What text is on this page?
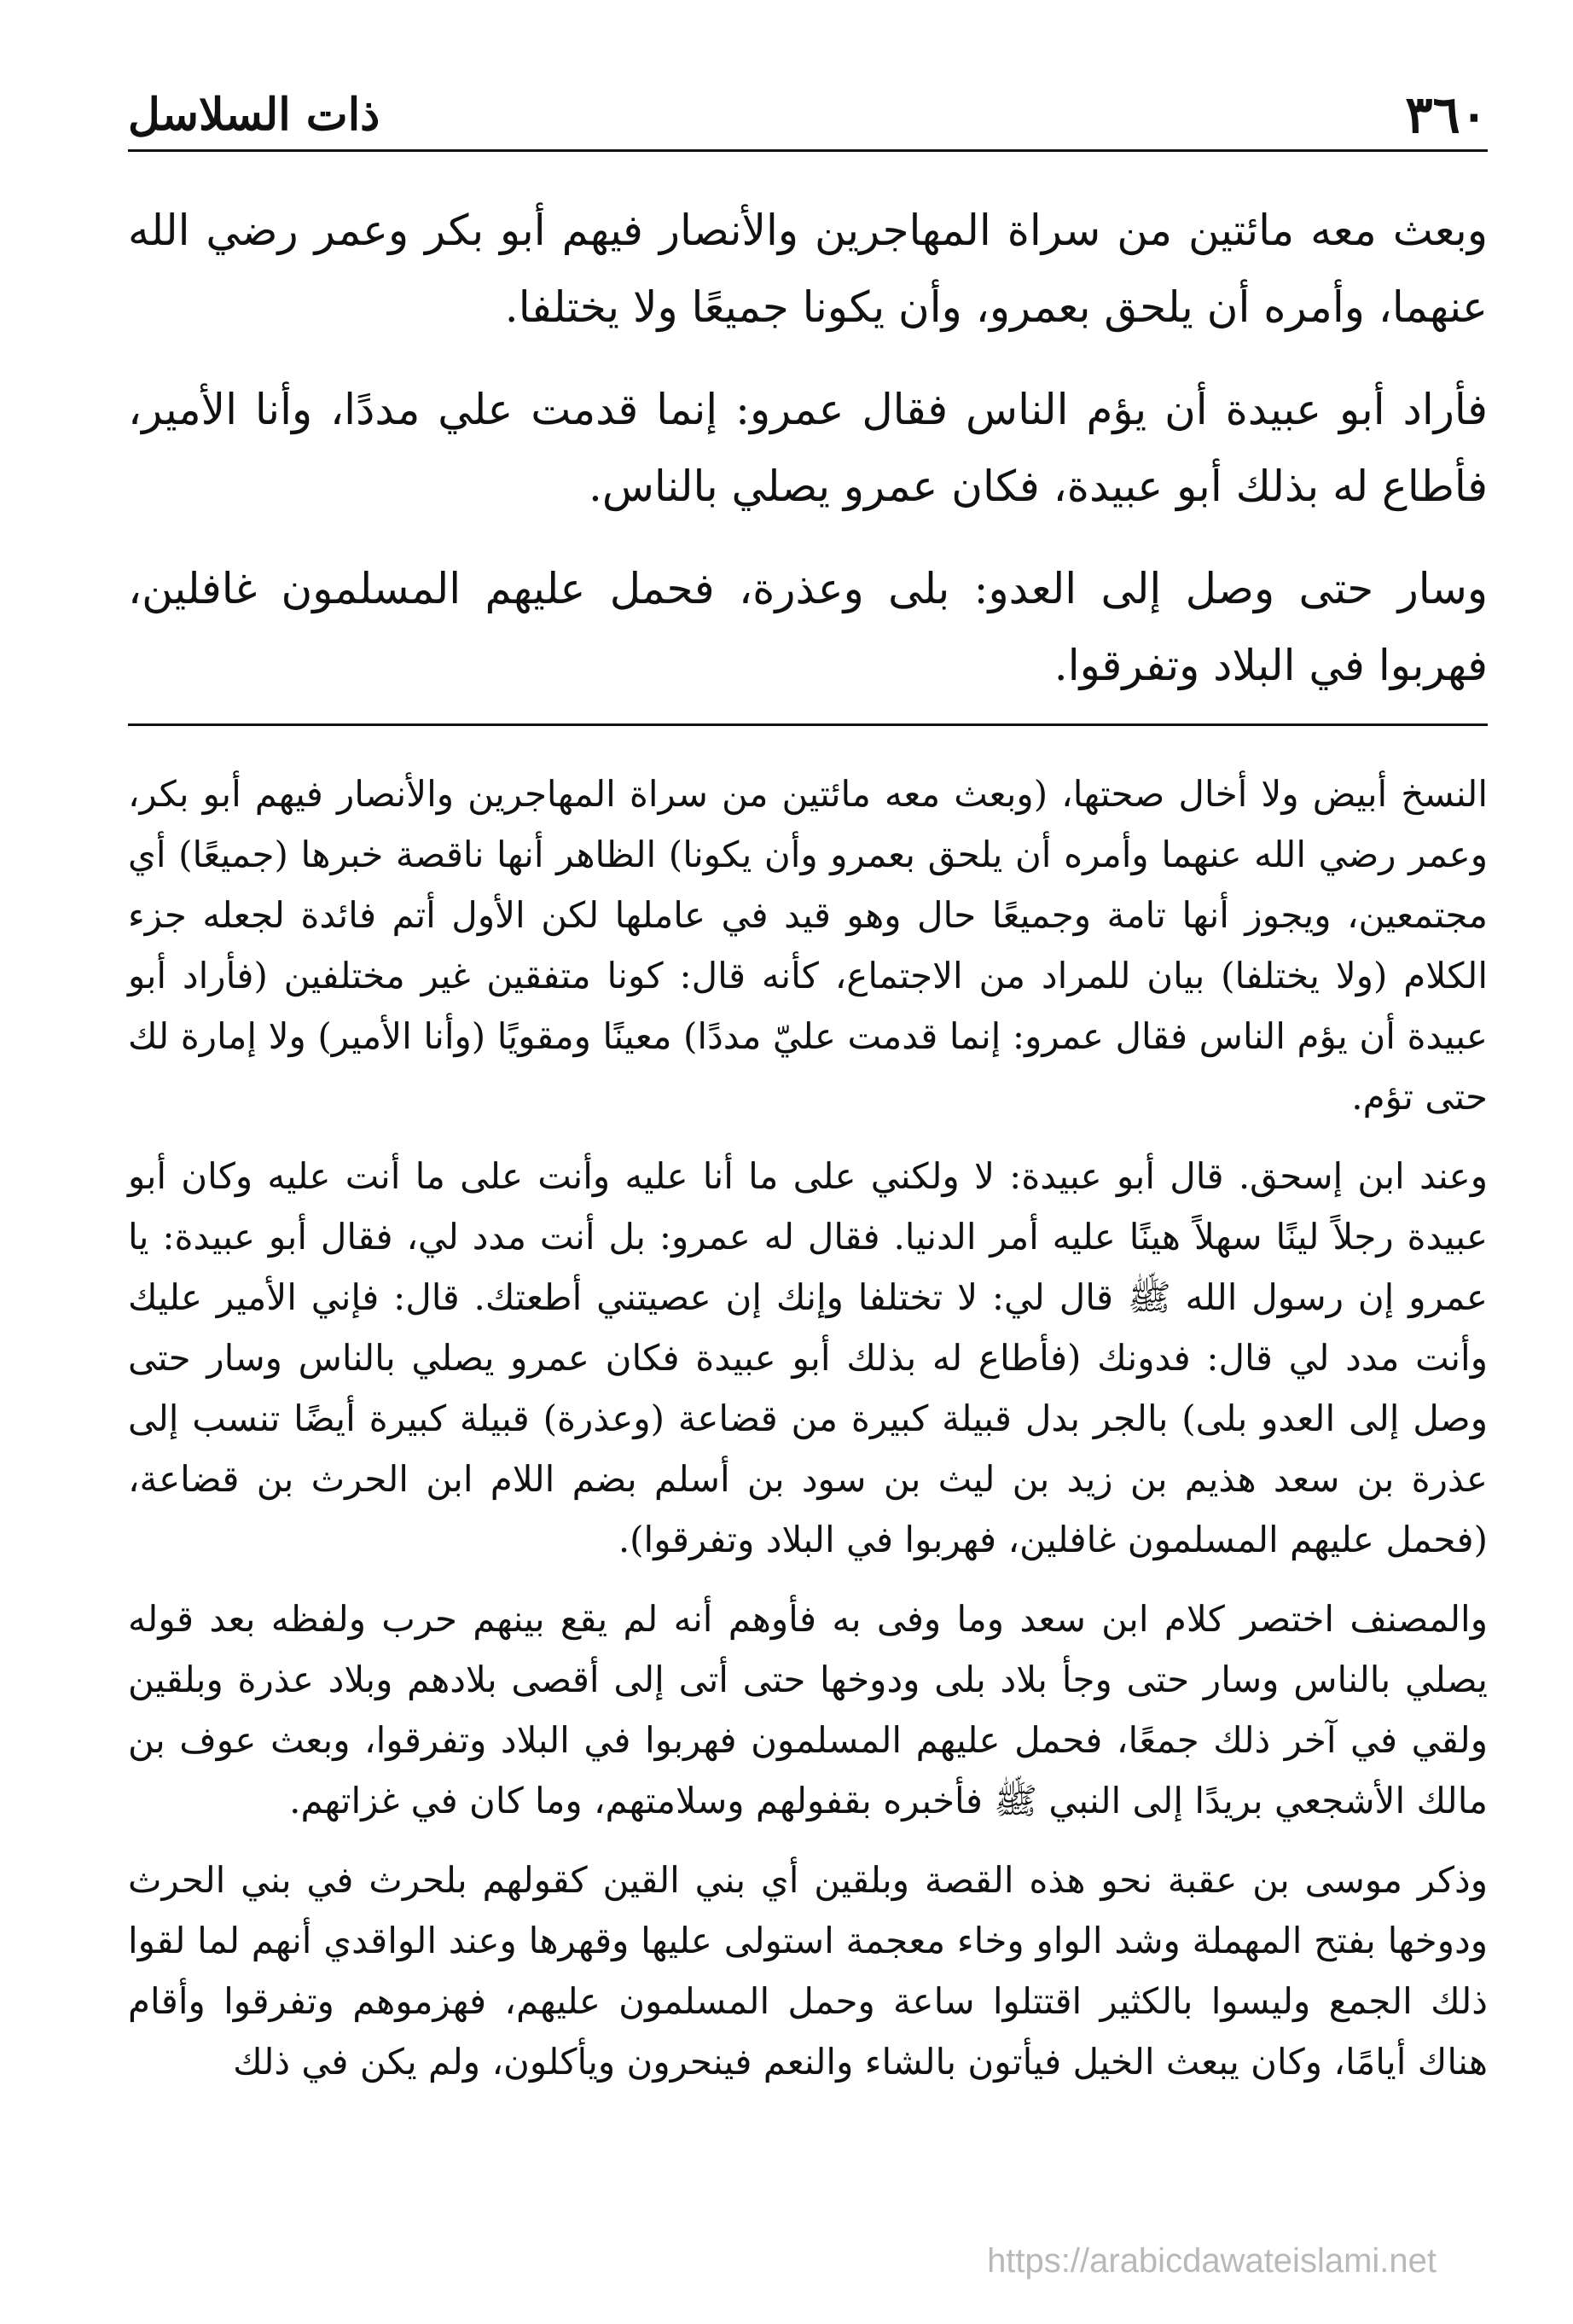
٣٦٠
ذات السلاسل

وبعث معه مائتين من سراة المهاجرين والأنصار فيهم أبو بكر وعمر رضي الله عنهما، وأمره أن يلحق بعمرو، وأن يكونا جميعًا ولا يختلفا.

فأراد أبو عبيدة أن يؤم الناس فقال عمرو: إنما قدمت علي مددًا، وأنا الأمير، فأطاع له بذلك أبو عبيدة، فكان عمرو يصلي بالناس.

وسار حتى وصل إلى العدو: بلى وعذرة، فحمل عليهم المسلمون غافلين، فهربوا في البلاد وتفرقوا.

النسخ أبيض ولا أخال صحتها، (وبعث معه مائتين من سراة المهاجرين والأنصار فيهم أبو بكر، وعمر رضي الله عنهما وأمره أن يلحق بعمرو وأن يكونا) الظاهر أنها ناقصة خبرها (جميعًا) أي مجتمعين، ويجوز أنها تامة وجميعًا حال وهو قيد في عاملها لكن الأول أتم فائدة لجعله جزء الكلام (ولا يختلفا) بيان للمراد من الاجتماع، كأنه قال: كونا متفقين غير مختلفين (فأراد أبو عبيدة أن يؤم الناس فقال عمرو: إنما قدمت عليّ مددًا) معينًا ومقويًا (وأنا الأمير) ولا إمارة لك حتى تؤم.

وعند ابن إسحق. قال أبو عبيدة: لا ولكني على ما أنا عليه وأنت على ما أنت عليه وكان أبو عبيدة رجلاً لينًا سهلاً هينًا عليه أمر الدنيا. فقال له عمرو: بل أنت مدد لي، فقال أبو عبيدة: يا عمرو إن رسول الله ﷺ قال لي: لا تختلفا وإنك إن عصيتني أطعتك. قال: فإني الأمير عليك وأنت مدد لي قال: فدونك (فأطاع له بذلك أبو عبيدة فكان عمرو يصلي بالناس وسار حتى وصل إلى العدو بلى) بالجر بدل قبيلة كبيرة من قضاعة (وعذرة) قبيلة كبيرة أيضًا تنسب إلى عذرة بن سعد هذيم بن زيد بن ليث بن سود بن أسلم بضم اللام ابن الحرث بن قضاعة، (فحمل عليهم المسلمون غافلين، فهربوا في البلاد وتفرقوا).

والمصنف اختصر كلام ابن سعد وما وفى به فأوهم أنه لم يقع بينهم حرب ولفظه بعد قوله يصلي بالناس وسار حتى وجأ بلاد بلى ودوخها حتى أتى إلى أقصى بلادهم وبلاد عذرة وبلقين ولقي في آخر ذلك جمعًا، فحمل عليهم المسلمون فهربوا في البلاد وتفرقوا، وبعث عوف بن مالك الأشجعي بريدًا إلى النبي ﷺ فأخبره بقفولهم وسلامتهم، وما كان في غزاتهم.

وذكر موسى بن عقبة نحو هذه القصة وبلقين أي بني القين كقولهم بلحرث في بني الحرث ودوخها بفتح المهملة وشد الواو وخاء معجمة استولى عليها وقهرها وعند الواقدي أنهم لما لقوا ذلك الجمع وليسوا بالكثير اقتتلوا ساعة وحمل المسلمون عليهم، فهزموهم وتفرقوا وأقام هناك أيامًا، وكان يبعث الخيل فيأتون بالشاء والنعم فينحرون ويأكلون، ولم يكن في ذلك

https://arabicdawateislami.net
